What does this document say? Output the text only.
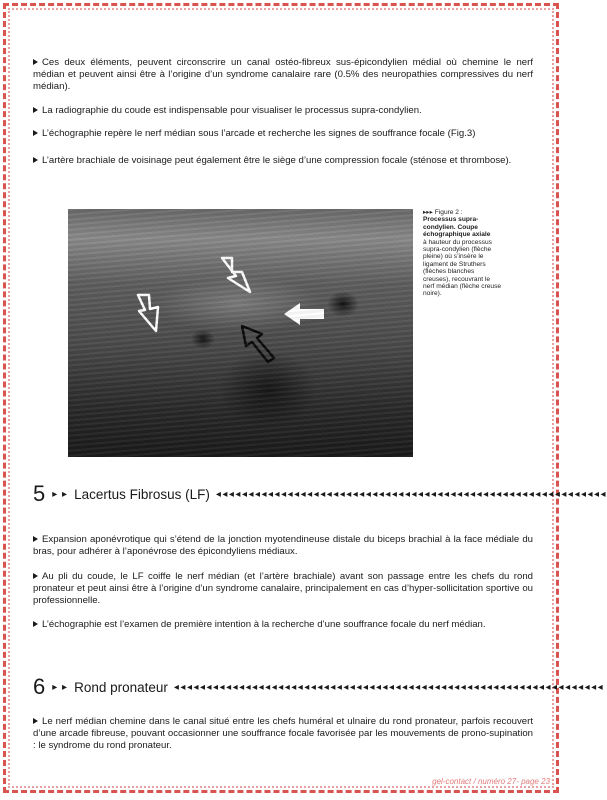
Ces deux éléments, peuvent circonscrire un canal ostéo-fibreux sus-épicondylien médial où chemine le nerf médian et peuvent ainsi être à l’origine d’un syndrome canalaire rare (0.5% des neuropathies compressives du nerf médian).

La radiographie du coude est indispensable pour visualiser le processus supra-condylien.

L’échographie repère le nerf médian sous l’arcade et recherche les signes de souffrance focale (Fig.3)

L’artère brachiale de voisinage peut également être le siège d’une compression focale (sténose et thrombose).

▸▸▸ Figure 2 :
Processus supra-condylien. Coupe échographique axiale
à hauteur du processus supra-condylien (flèche pleine) où s’insère le ligament de Struthers (flèches blanches creuses), recouvrant le nerf médian (flèche creuse noire).
5 ▸ ▸ Lacertus Fibrosus (LF) ◂◂◂◂◂◂◂◂◂◂◂◂◂◂◂◂◂◂◂◂◂◂◂◂◂◂◂◂◂◂◂◂◂◂◂◂◂◂◂◂◂◂◂◂◂◂◂◂◂◂◂◂◂◂◂◂◂◂◂◂

Expansion aponévrotique qui s’étend de la jonction myotendineuse distale du biceps brachial à la face médiale du bras, pour adhérer à l’aponévrose des épicondyliens médiaux.

Au pli du coude, le LF coiffe le nerf médian (et l’artère brachiale) avant son passage entre les chefs du rond pronateur et peut ainsi être à l’origine d’un syndrome canalaire, principalement en cas d’hyper-sollicitation sportive ou professionnelle.

L’échographie est l’examen de première intention à la recherche d’une souffrance focale du nerf médian.

6 ▸ ▸ Rond pronateur ◂◂◂◂◂◂◂◂◂◂◂◂◂◂◂◂◂◂◂◂◂◂◂◂◂◂◂◂◂◂◂◂◂◂◂◂◂◂◂◂◂◂◂◂◂◂◂◂◂◂◂◂◂◂◂◂◂◂◂◂◂◂◂◂◂◂

Le nerf médian chemine dans le canal situé entre les chefs huméral et ulnaire du rond pronateur, parfois recouvert d’une arcade fibreuse, pouvant occasionner une souffrance focale favorisée par les mouvements de prono-supination : le syndrome du rond pronateur.

gel-contact / numéro 27- page 23
